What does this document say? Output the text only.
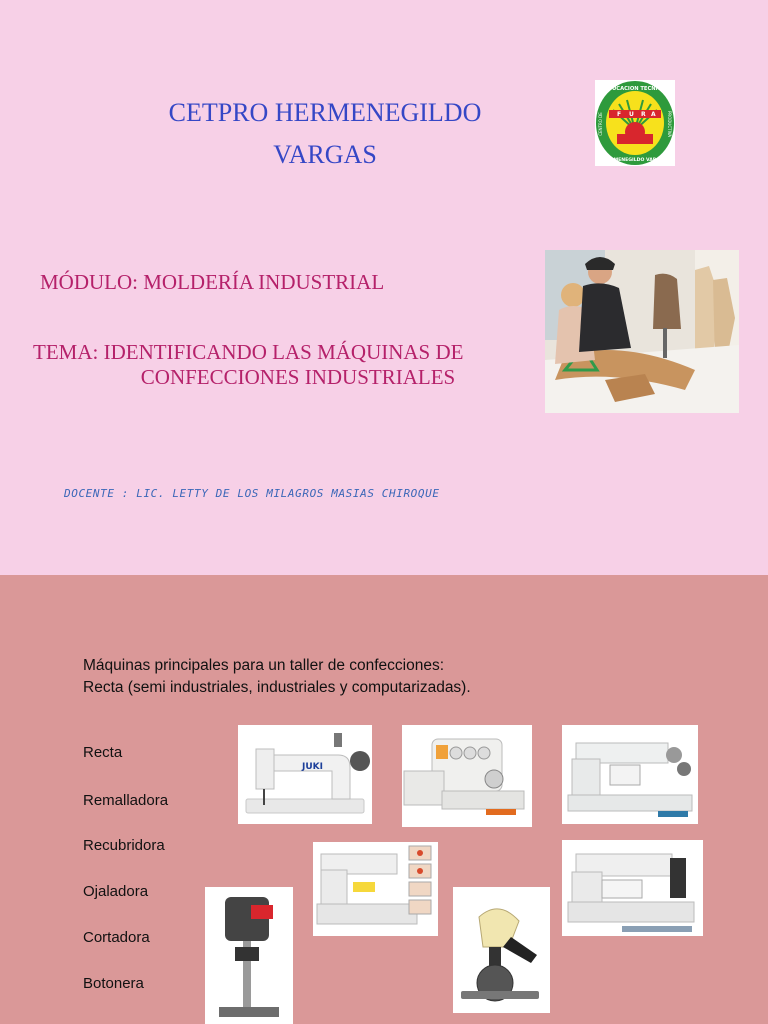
CETPRO HERMENEGILDO
VARGAS
F U R A
EDUCACION TECNICO
HERMENEGILDO VARGAS
CENTRO DE	PRODUCTIVA
MÓDULO: MOLDERÍA INDUSTRIAL
TEMA: IDENTIFICANDO LAS MÁQUINAS DE
CONFECCIONES INDUSTRIALES
DOCENTE : LIC. LETTY DE LOS MILAGROS MASIAS CHIROQUE
Máquinas principales para un taller de confecciones:
Recta (semi industriales, industriales y computarizadas).
Recta
Remalladora
Recubridora
Ojaladora
Cortadora
Botonera
JUKI
